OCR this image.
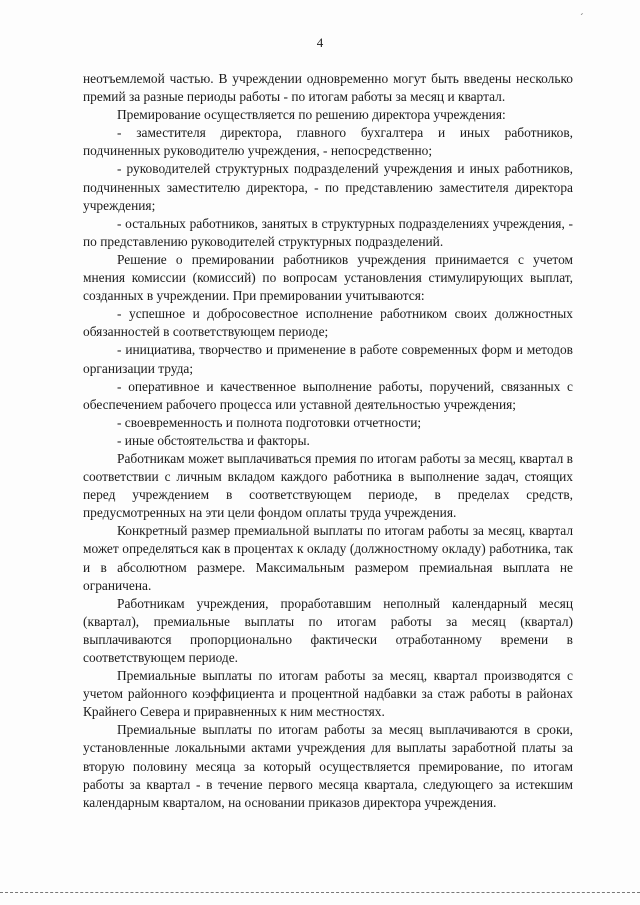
´
4

неотъемлемой частью. В учреждении одновременно могут быть введены несколько премий за разные периоды работы - по итогам работы за месяц и квартал.

Премирование осуществляется по решению директора учреждения:

- заместителя директора, главного бухгалтера и иных работников, подчиненных руководителю учреждения, - непосредственно;

- руководителей структурных подразделений учреждения и иных работников, подчиненных заместителю директора, - по представлению заместителя директора учреждения;

- остальных работников, занятых в структурных подразделениях учреждения, - по представлению руководителей структурных подразделений.

Решение о премировании работников учреждения принимается с учетом мнения комиссии (комиссий) по вопросам установления стимулирующих выплат, созданных в учреждении. При премировании учитываются:

- успешное и добросовестное исполнение работником своих должностных обязанностей в соответствующем периоде;

- инициатива, творчество и применение в работе современных форм и методов организации труда;

- оперативное и качественное выполнение работы, поручений, связанных с обеспечением рабочего процесса или уставной деятельностью учреждения;

- своевременность и полнота подготовки отчетности;

- иные обстоятельства и факторы.

Работникам может выплачиваться премия по итогам работы за месяц, квартал в соответствии с личным вкладом каждого работника в выполнение задач, стоящих перед учреждением в соответствующем периоде, в пределах средств, предусмотренных на эти цели фондом оплаты труда учреждения.

Конкретный размер премиальной выплаты по итогам работы за месяц, квартал может определяться как в процентах к окладу (должностному окладу) работника, так и в абсолютном размере. Максимальным размером премиальная выплата не ограничена.

Работникам учреждения, проработавшим неполный календарный месяц (квартал), премиальные выплаты по итогам работы за месяц (квартал) выплачиваются пропорционально фактически отработанному времени в соответствующем периоде.

Премиальные выплаты по итогам работы за месяц, квартал производятся с учетом районного коэффициента и процентной надбавки за стаж работы в районах Крайнего Севера и приравненных к ним местностях.

Премиальные выплаты по итогам работы за месяц выплачиваются в сроки, установленные локальными актами учреждения для выплаты заработной платы за вторую половину месяца за который осуществляется премирование, по итогам работы за квартал - в течение первого месяца квартала, следующего за истекшим календарным кварталом, на основании приказов директора учреждения.
